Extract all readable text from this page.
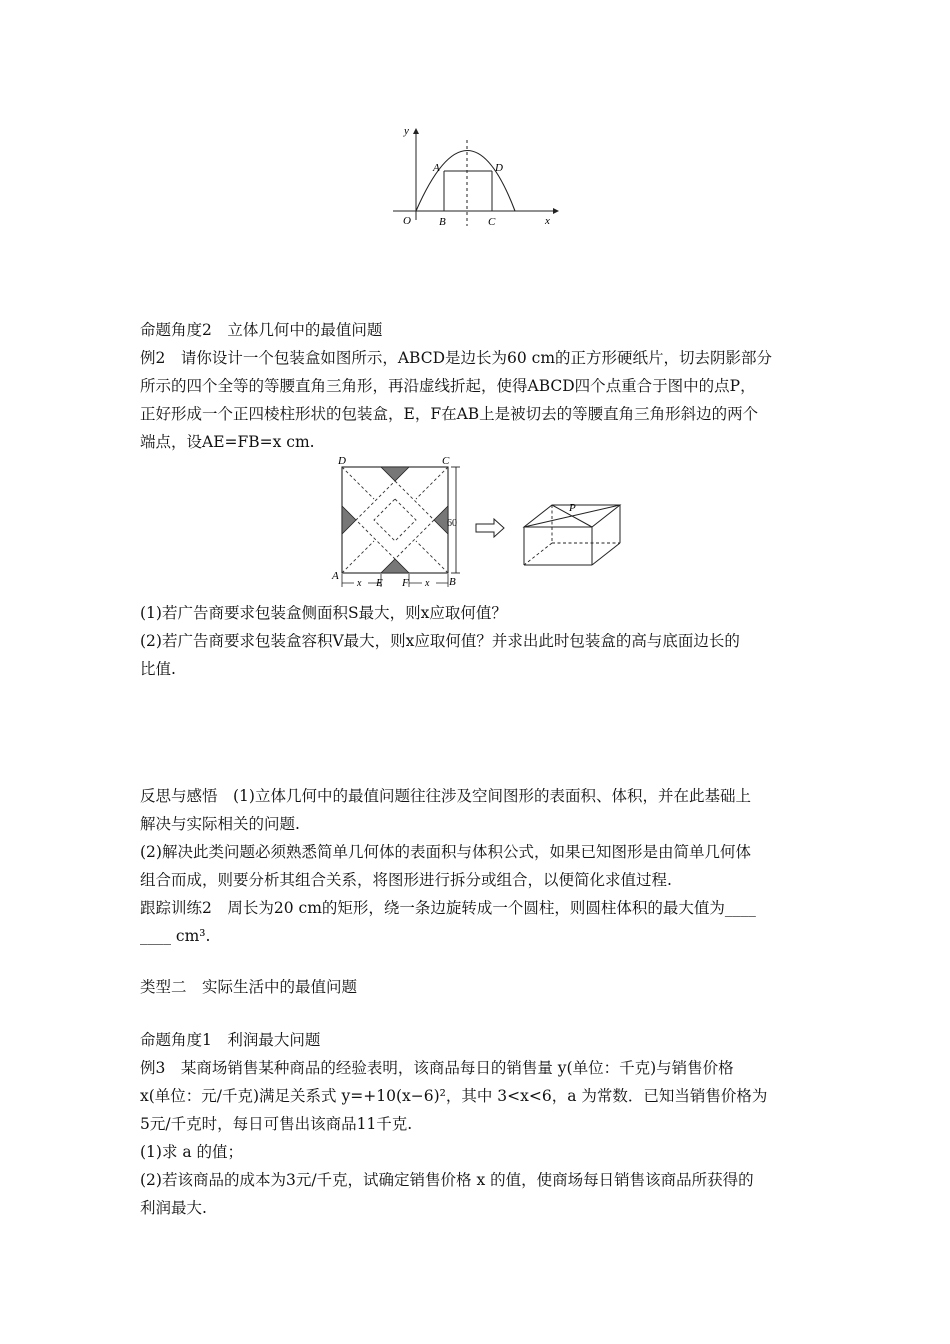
y
x
O
A	D
B	C
命题角度2　立体几何中的最值问题
例2　请你设计一个包装盒如图所示，ABCD是边长为60 cm的正方形硬纸片，切去阴影部分
所示的四个全等的等腰直角三角形，再沿虚线折起，使得ABCD四个点重合于图中的点P，
正好形成一个正四棱柱形状的包装盒，E，F在AB上是被切去的等腰直角三角形斜边的两个
端点，设AE=FB=x cm.
60
x	x
D	C
A	B
E F
P
(1)若广告商要求包装盒侧面积S最大，则x应取何值？
(2)若广告商要求包装盒容积V最大，则x应取何值？并求出此时包装盒的高与底面边长的
比值.
反思与感悟　(1)立体几何中的最值问题往往涉及空间图形的表面积、体积，并在此基础上
解决与实际相关的问题.
(2)解决此类问题必须熟悉简单几何体的表面积与体积公式，如果已知图形是由简单几何体
组合而成，则要分析其组合关系，将图形进行拆分或组合，以便简化求值过程.
跟踪训练2　周长为20 cm的矩形，绕一条边旋转成一个圆柱，则圆柱体积的最大值为____
____ cm³.
类型二　实际生活中的最值问题
命题角度1　利润最大问题
例3　某商场销售某种商品的经验表明，该商品每日的销售量 y(单位：千克)与销售价格
x(单位：元/千克)满足关系式 y=+10(x−6)²，其中 3<x<6，a 为常数．已知当销售价格为
5元/千克时，每日可售出该商品11千克.
(1)求 a 的值；
(2)若该商品的成本为3元/千克，试确定销售价格 x 的值，使商场每日销售该商品所获得的
利润最大.
